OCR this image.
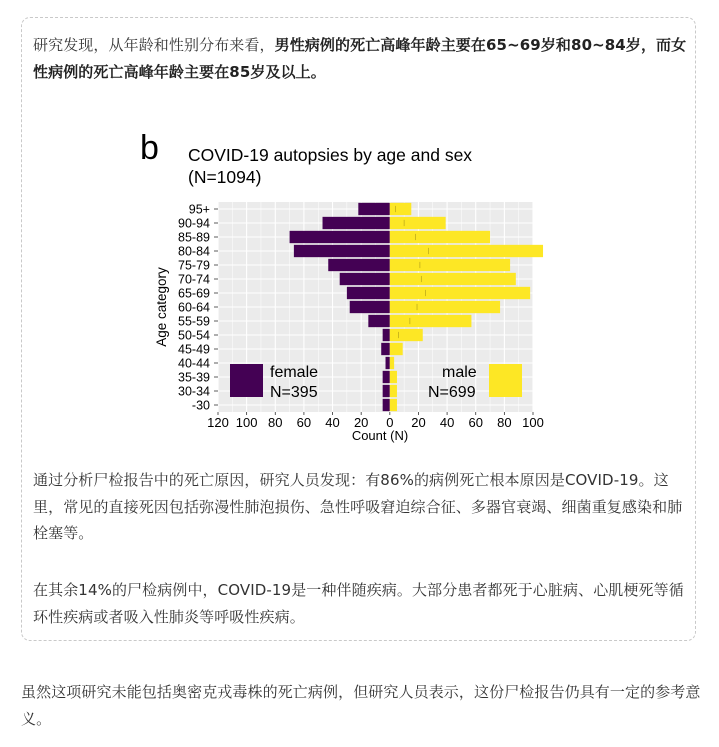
研究发现，从年龄和性别分布来看，男性病例的死亡高峰年龄主要在65~69岁和80~84岁，而女性病例的死亡高峰年龄主要在85岁及以上。

-30
30-34
35-39
40-44
45-49
50-54
55-59
60-64
65-69
70-74
75-79
80-84
85-89
90-94
95+
120 100 80 60 40 20 0 20 40 60 80 100
b COVID-19 autopsies by age and sex
(N=1094)
Age category
Count (N)
female
N=395
male
N=699

通过分析尸检报告中的死亡原因，研究人员发现：有86%的病例死亡根本原因是COVID-19。这里，常见的直接死因包括弥漫性肺泡损伤、急性呼吸窘迫综合征、多器官衰竭、细菌重复感染和肺栓塞等。

在其余14%的尸检病例中，COVID-19是一种伴随疾病。大部分患者都死于心脏病、心肌梗死等循环性疾病或者吸入性肺炎等呼吸性疾病。

虽然这项研究未能包括奥密克戎毒株的死亡病例，但研究人员表示，这份尸检报告仍具有一定的参考意义。
